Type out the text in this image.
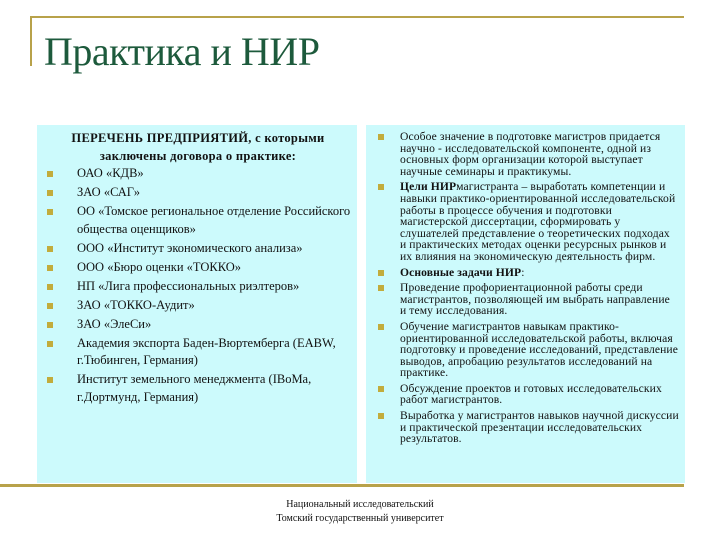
Практика и НИР
ПЕРЕЧЕНЬ ПРЕДПРИЯТИЙ, с которыми заключены договора о практике:
ОАО «КДВ»
ЗАО «САГ»
ОО «Томское региональное отделение Российского общества оценщиков»
ООО «Институт экономического анализа»
ООО «Бюро оценки «ТОККО»
НП «Лига профессиональных риэлтеров»
ЗАО «ТОККО-Аудит»
ЗАО «ЭлеСи»
Академия экспорта Баден-Вюртемберга (EABW, г.Тюбинген, Германия)
Институт земельного менеджмента (IBoMa, г.Дортмунд, Германия)
Особое значение в подготовке магистров придается научно - исследовательской компоненте, одной из основных форм организации которой выступает научные семинары и практикумы.
Цели НИРмагистранта – выработать компетенции и навыки практико-ориентированной исследовательской работы в процессе обучения и подготовки магистерской диссертации, сформировать у слушателей представление о теоретических подходах и практических методах оценки ресурсных рынков и их влияния на экономическую деятельность фирм.
Основные задачи НИР:
Проведение профориентационной работы среди магистрантов, позволяющей им выбрать направление и тему исследования.
Обучение магистрантов навыкам практико-ориентированной исследовательской работы, включая подготовку и проведение исследований, представление выводов, апробацию результатов исследований на практике.
Обсуждение проектов и готовых исследовательских работ магистрантов.
Выработка у магистрантов навыков научной дискуссии и практической презентации исследовательских результатов.
Национальный исследовательский
Томский государственный университет
